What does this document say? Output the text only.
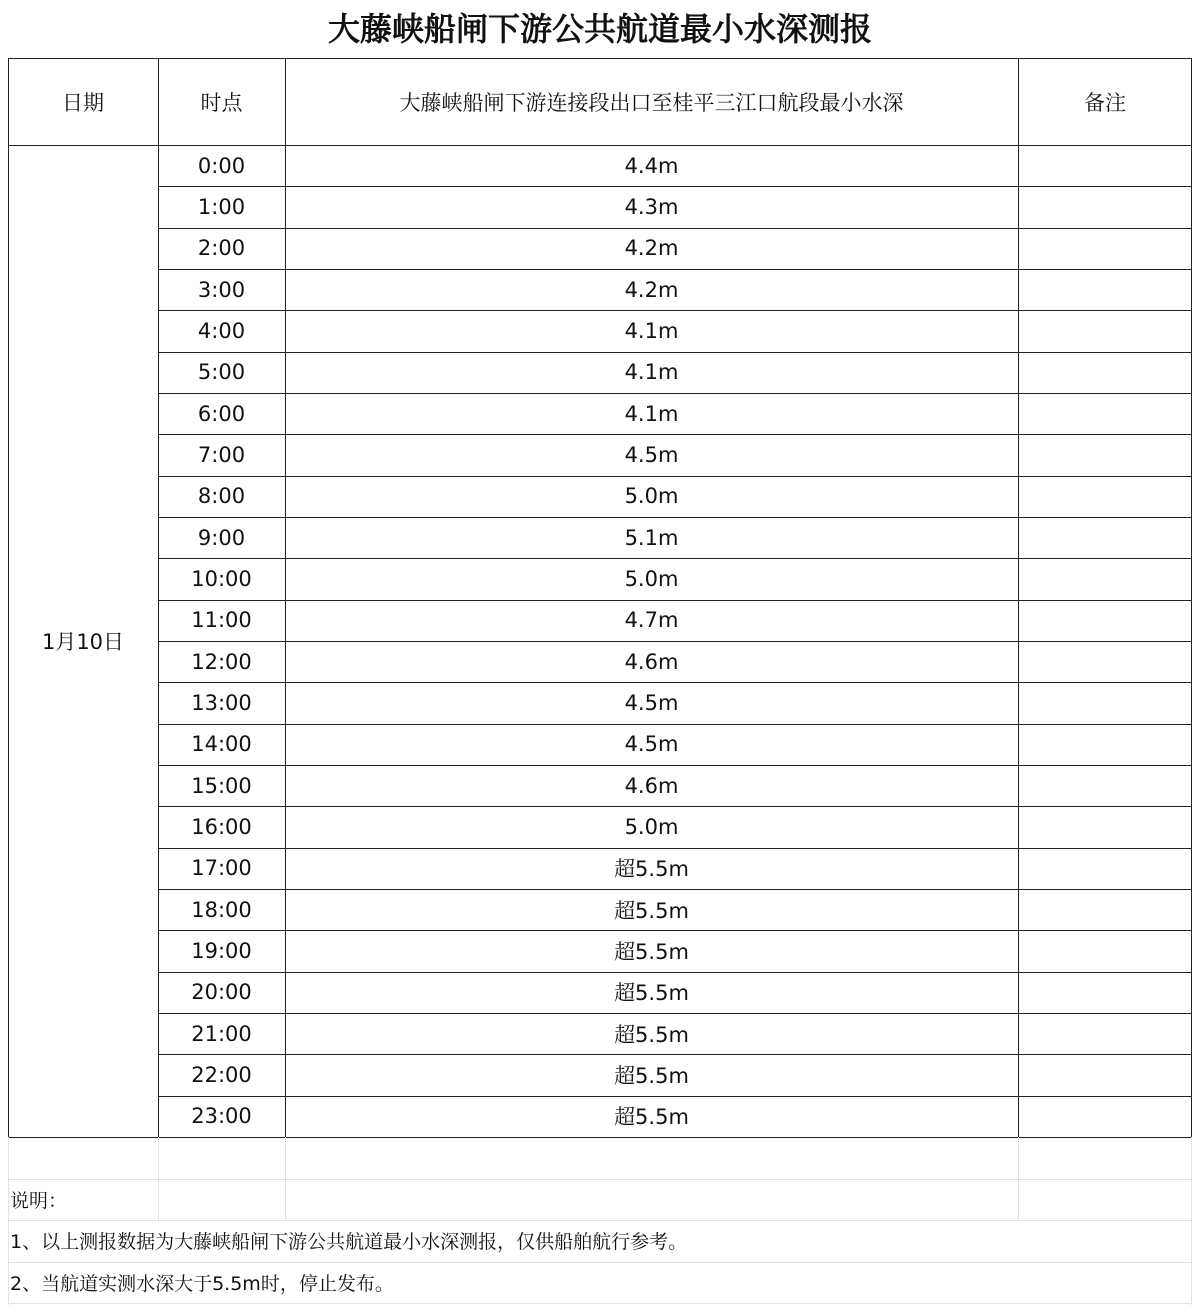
大藤峡船闸下游公共航道最小水深测报
日期	时点	大藤峡船闸下游连接段出口至桂平三江口航段最小水深	备注
1月10日
0:00	4.4m
1:00	4.3m
2:00	4.2m
3:00	4.2m
4:00	4.1m
5:00	4.1m
6:00	4.1m
7:00	4.5m
8:00	5.0m
9:00	5.1m
10:00	5.0m
11:00	4.7m
12:00	4.6m
13:00	4.5m
14:00	4.5m
15:00	4.6m
16:00	5.0m
17:00	超5.5m
18:00	超5.5m
19:00	超5.5m
20:00	超5.5m
21:00	超5.5m
22:00	超5.5m
23:00	超5.5m
说明：
1、以上测报数据为大藤峡船闸下游公共航道最小水深测报，仅供船舶航行参考。
2、当航道实测水深大于5.5m时，停止发布。
